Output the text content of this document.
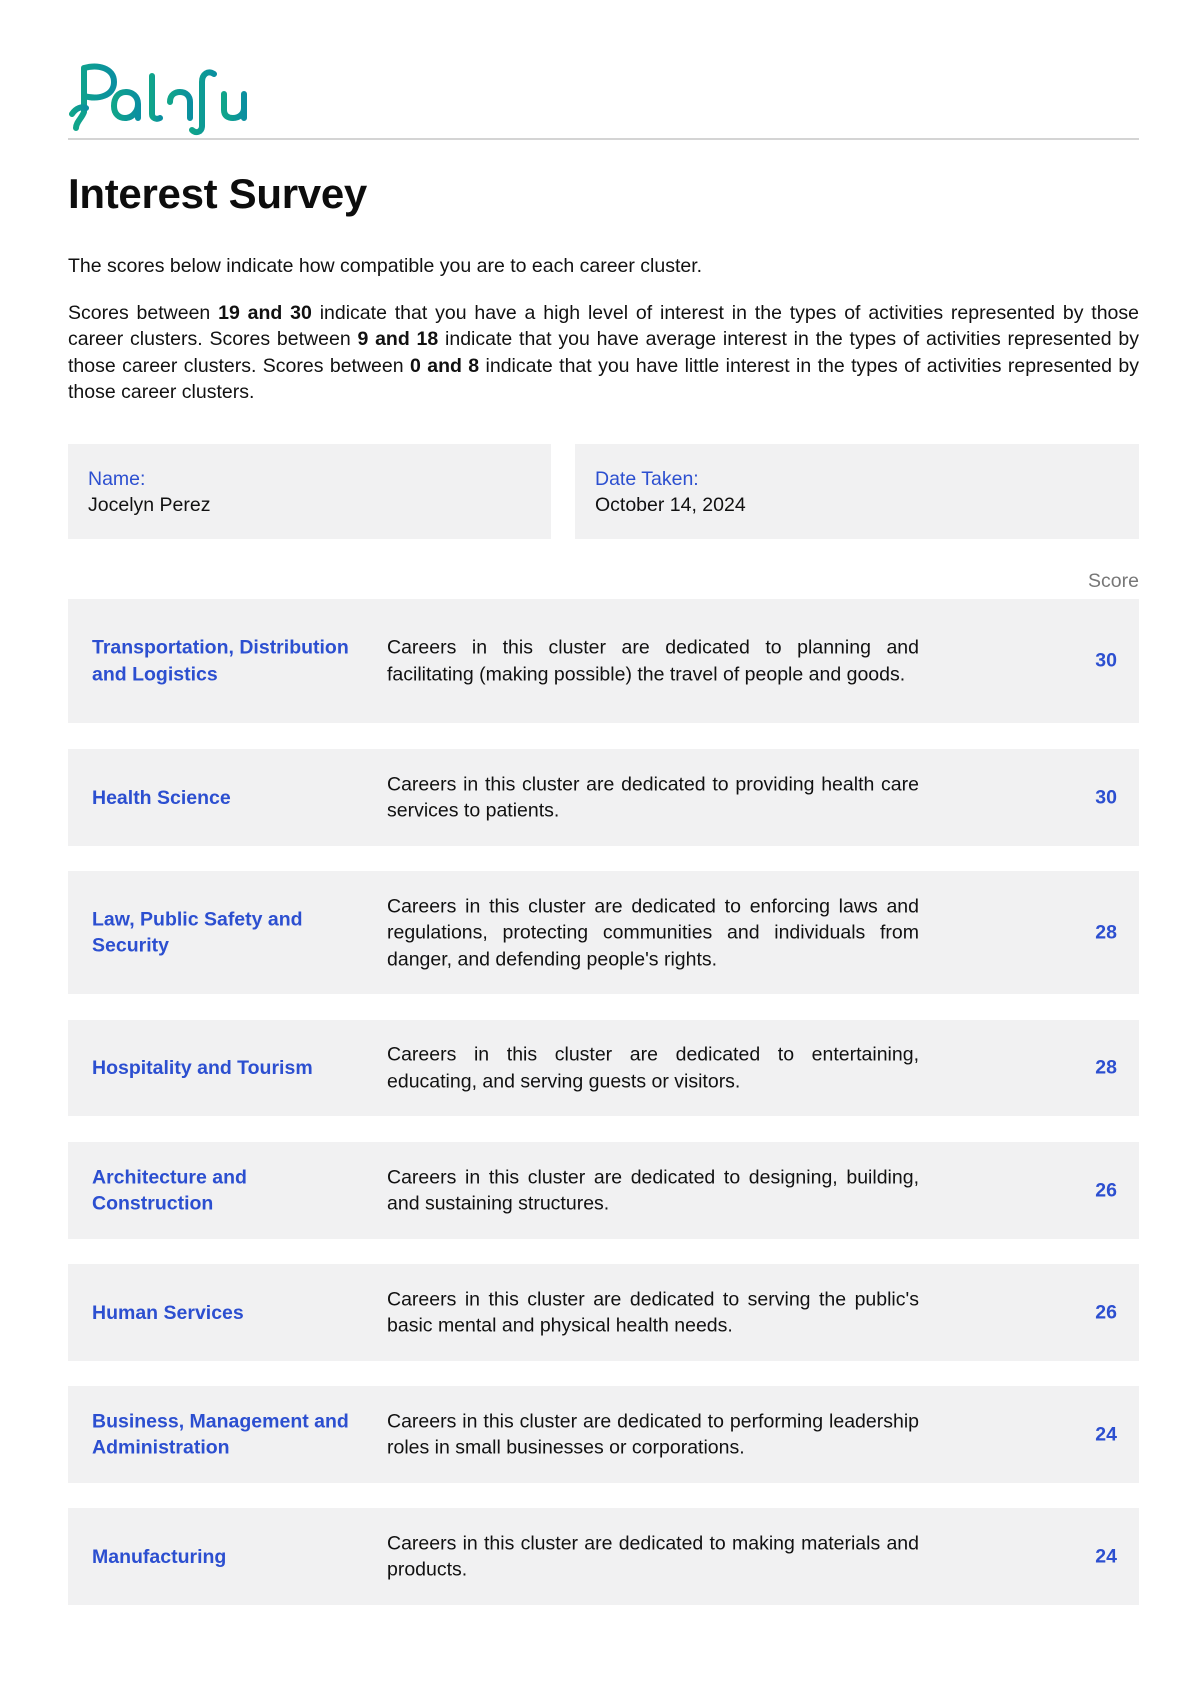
Interest Survey

The scores below indicate how compatible you are to each career cluster.

Scores between 19 and 30 indicate that you have a high level of interest in the types of activities represented by those career clusters. Scores between 9 and 18 indicate that you have average interest in the types of activities represented by those career clusters. Scores between 0 and 8 indicate that you have little interest in the types of activities represented by those career clusters.

Name:
Jocelyn Perez
Date Taken:
October 14, 2024
Score
Transportation, Distribution and Logistics
Careers in this cluster are dedicated to planning and facilitating (making possible) the travel of people and goods.
30
Health Science
Careers in this cluster are dedicated to providing health care services to patients.
30
Law, Public Safety and Security
Careers in this cluster are dedicated to enforcing laws and regulations, protecting communities and individuals from danger, and defending people's rights.
28
Hospitality and Tourism
Careers in this cluster are dedicated to entertaining, educating, and serving guests or visitors.
28
Architecture and Construction
Careers in this cluster are dedicated to designing, building, and sustaining structures.
26
Human Services
Careers in this cluster are dedicated to serving the public's basic mental and physical health needs.
26
Business, Management and Administration
Careers in this cluster are dedicated to performing leadership roles in small businesses or corporations.
24
Manufacturing
Careers in this cluster are dedicated to making materials and products.
24
